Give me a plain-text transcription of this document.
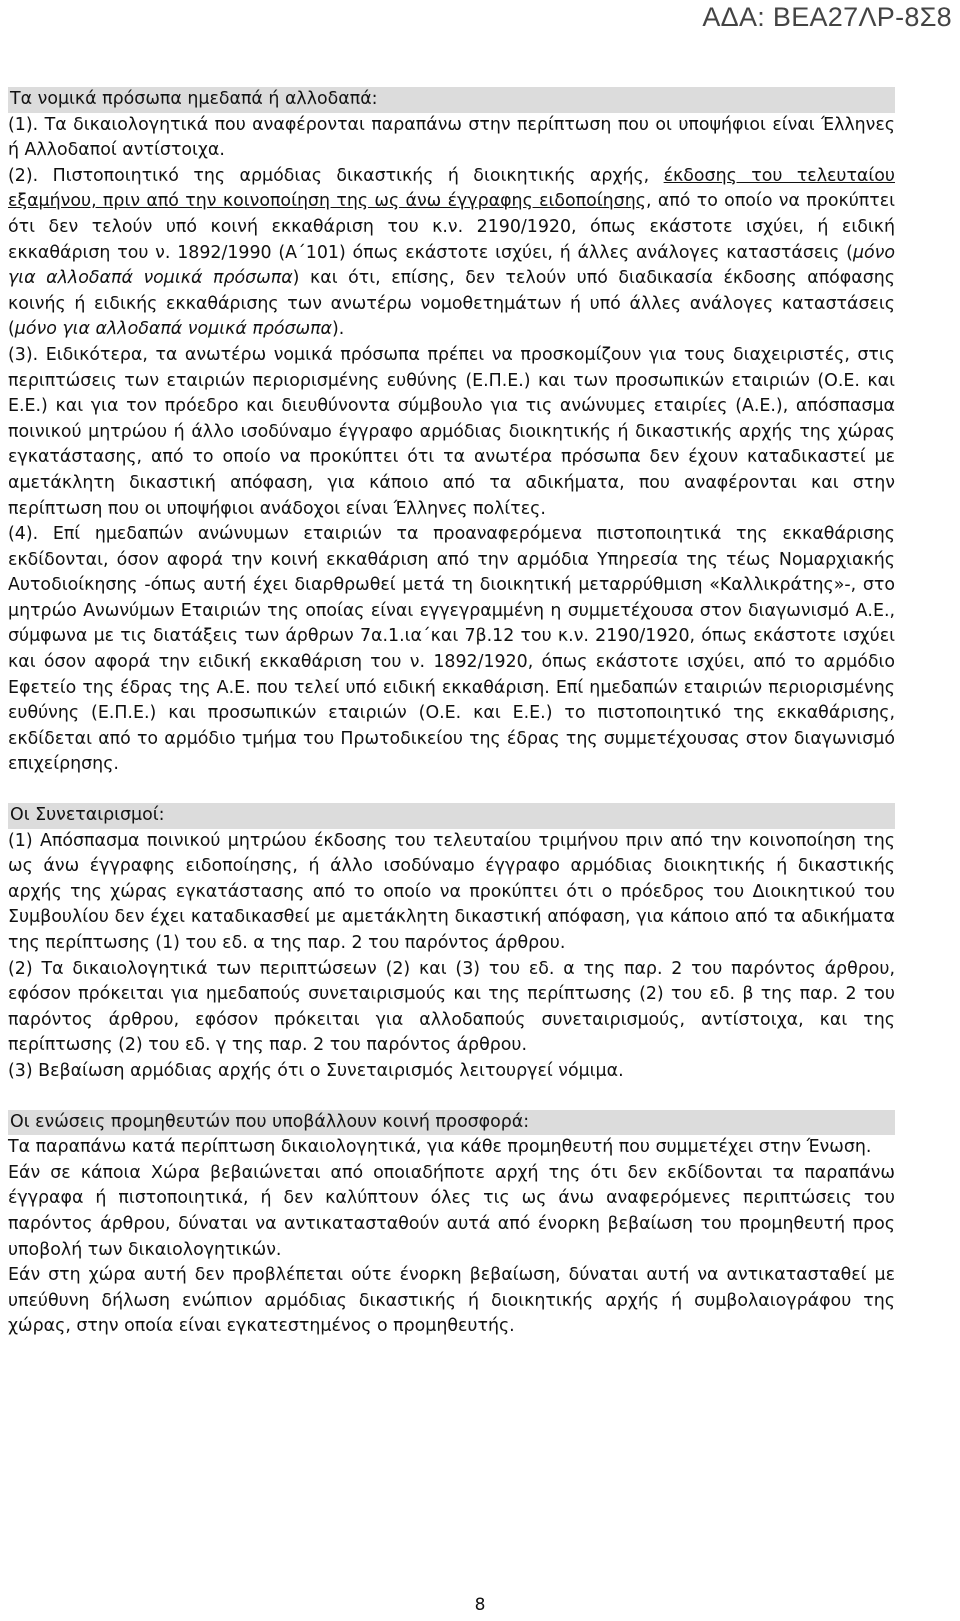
ΑΔΑ: ΒΕΑ27ΛΡ-8Σ8
Τα νομικά πρόσωπα ημεδαπά ή αλλοδαπά:

(1). Τα δικαιολογητικά που αναφέρονται παραπάνω στην περίπτωση που οι υποψήφιοι είναι Έλληνες ή Αλλοδαποί αντίστοιχα.

(2). Πιστοποιητικό της αρμόδιας δικαστικής ή διοικητικής αρχής, έκδοσης του τελευταίου εξαμήνου, πριν από την κοινοποίηση της ως άνω έγγραφης ειδοποίησης, από το οποίο να προκύπτει ότι δεν τελούν υπό κοινή εκκαθάριση του κ.ν. 2190/1920, όπως εκάστοτε ισχύει, ή ειδική εκκαθάριση του ν. 1892/1990 (Α΄101) όπως εκάστοτε ισχύει, ή άλλες ανάλογες καταστάσεις (μόνο για αλλοδαπά νομικά πρόσωπα) και ότι, επίσης, δεν τελούν υπό διαδικασία έκδοσης απόφασης κοινής ή ειδικής εκκαθάρισης των ανωτέρω νομοθετημάτων ή υπό άλλες ανάλογες καταστάσεις (μόνο για αλλοδαπά νομικά πρόσωπα).

(3). Ειδικότερα, τα ανωτέρω νομικά πρόσωπα πρέπει να προσκομίζουν για τους διαχειριστές, στις περιπτώσεις των εταιριών περιορισμένης ευθύνης (Ε.Π.Ε.) και των προσωπικών εταιριών (Ο.Ε. και Ε.Ε.) και για τον πρόεδρο και διευθύνοντα σύμβουλο για τις ανώνυμες εταιρίες (Α.Ε.), απόσπασμα ποινικού μητρώου ή άλλο ισοδύναμο έγγραφο αρμόδιας διοικητικής ή δικαστικής αρχής της χώρας εγκατάστασης, από το οποίο να προκύπτει ότι τα ανωτέρα πρόσωπα δεν έχουν καταδικαστεί με αμετάκλητη δικαστική απόφαση, για κάποιο από τα αδικήματα, που αναφέρονται και στην περίπτωση που οι υποψήφιοι ανάδοχοι είναι Έλληνες πολίτες.

(4). Επί ημεδαπών ανώνυμων εταιριών τα προαναφερόμενα πιστοποιητικά της εκκαθάρισης εκδίδονται, όσον αφορά την κοινή εκκαθάριση από την αρμόδια Υπηρεσία της τέως Νομαρχιακής Αυτοδιοίκησης -όπως αυτή έχει διαρθρωθεί μετά τη διοικητική μεταρρύθμιση «Καλλικράτης»-, στο μητρώο Ανωνύμων Εταιριών της οποίας είναι εγγεγραμμένη η συμμετέχουσα στον διαγωνισμό Α.Ε., σύμφωνα με τις διατάξεις των άρθρων 7α.1.ια΄και 7β.12 του κ.ν. 2190/1920, όπως εκάστοτε ισχύει και όσον αφορά την ειδική εκκαθάριση του ν. 1892/1920, όπως εκάστοτε ισχύει, από το αρμόδιο Εφετείο της έδρας της Α.Ε. που τελεί υπό ειδική εκκαθάριση. Επί ημεδαπών εταιριών περιορισμένης ευθύνης (Ε.Π.Ε.) και προσωπικών εταιριών (Ο.Ε. και Ε.Ε.) το πιστοποιητικό της εκκαθάρισης, εκδίδεται από το αρμόδιο τμήμα του Πρωτοδικείου της έδρας της συμμετέχουσας στον διαγωνισμό επιχείρησης.

Οι Συνεταιρισμοί:

(1) Απόσπασμα ποινικού μητρώου έκδοσης του τελευταίου τριμήνου πριν από την κοινοποίηση της ως άνω έγγραφης ειδοποίησης, ή άλλο ισοδύναμο έγγραφο αρμόδιας διοικητικής ή δικαστικής αρχής της χώρας εγκατάστασης από το οποίο να προκύπτει ότι ο πρόεδρος του Διοικητικού του Συμβουλίου δεν έχει καταδικασθεί με αμετάκλητη δικαστική απόφαση, για κάποιο από τα αδικήματα της περίπτωσης (1) του εδ. α της παρ. 2 του παρόντος άρθρου.

(2) Τα δικαιολογητικά των περιπτώσεων (2) και (3) του εδ. α της παρ. 2 του παρόντος άρθρου, εφόσον πρόκειται για ημεδαπούς συνεταιρισμούς και της περίπτωσης (2) του εδ. β της παρ. 2 του παρόντος άρθρου, εφόσον πρόκειται για αλλοδαπούς συνεταιρισμούς, αντίστοιχα, και της περίπτωσης (2) του εδ. γ της παρ. 2 του παρόντος άρθρου.

(3) Βεβαίωση αρμόδιας αρχής ότι ο Συνεταιρισμός λειτουργεί νόμιμα.

Οι ενώσεις προμηθευτών που υποβάλλουν κοινή προσφορά:

Τα παραπάνω κατά περίπτωση δικαιολογητικά, για κάθε προμηθευτή που συμμετέχει στην Ένωση.

Εάν σε κάποια Χώρα βεβαιώνεται από οποιαδήποτε αρχή της ότι δεν εκδίδονται τα παραπάνω έγγραφα ή πιστοποιητικά, ή δεν καλύπτουν όλες τις ως άνω αναφερόμενες περιπτώσεις του παρόντος άρθρου, δύναται να αντικατασταθούν αυτά από ένορκη βεβαίωση του προμηθευτή προς υποβολή των δικαιολογητικών.

Εάν στη χώρα αυτή δεν προβλέπεται ούτε ένορκη βεβαίωση, δύναται αυτή να αντικατασταθεί με υπεύθυνη δήλωση ενώπιον αρμόδιας δικαστικής ή διοικητικής αρχής ή συμβολαιογράφου της χώρας, στην οποία είναι εγκατεστημένος ο προμηθευτής.

8
